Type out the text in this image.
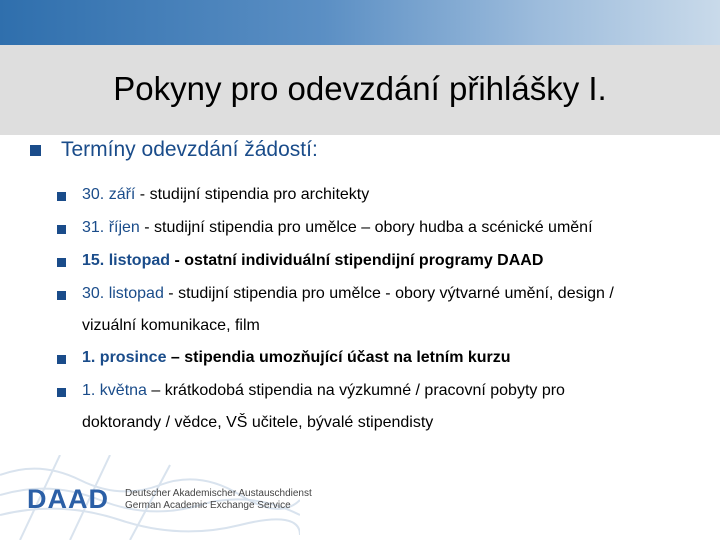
Pokyny pro odevzdání přihlášky I.
Termíny odevzdání žádostí:
30. září - studijní stipendia pro architekty
31. říjen - studijní stipendia pro umělce – obory hudba a scénické umění
15. listopad - ostatní individuální stipendijní programy DAAD
30. listopad - studijní stipendia pro umělce - obory výtvarné umění, design / vizuální komunikace, film
1. prosince – stipendia umozňující účast na letním kurzu
1. května – krátkodobá stipendia na výzkumné / pracovní pobyty pro doktorandy / vědce, VŠ učitele, bývalé stipendisty
DAAD Deutscher Akademischer Austauschdienst
German Academic Exchange Service
